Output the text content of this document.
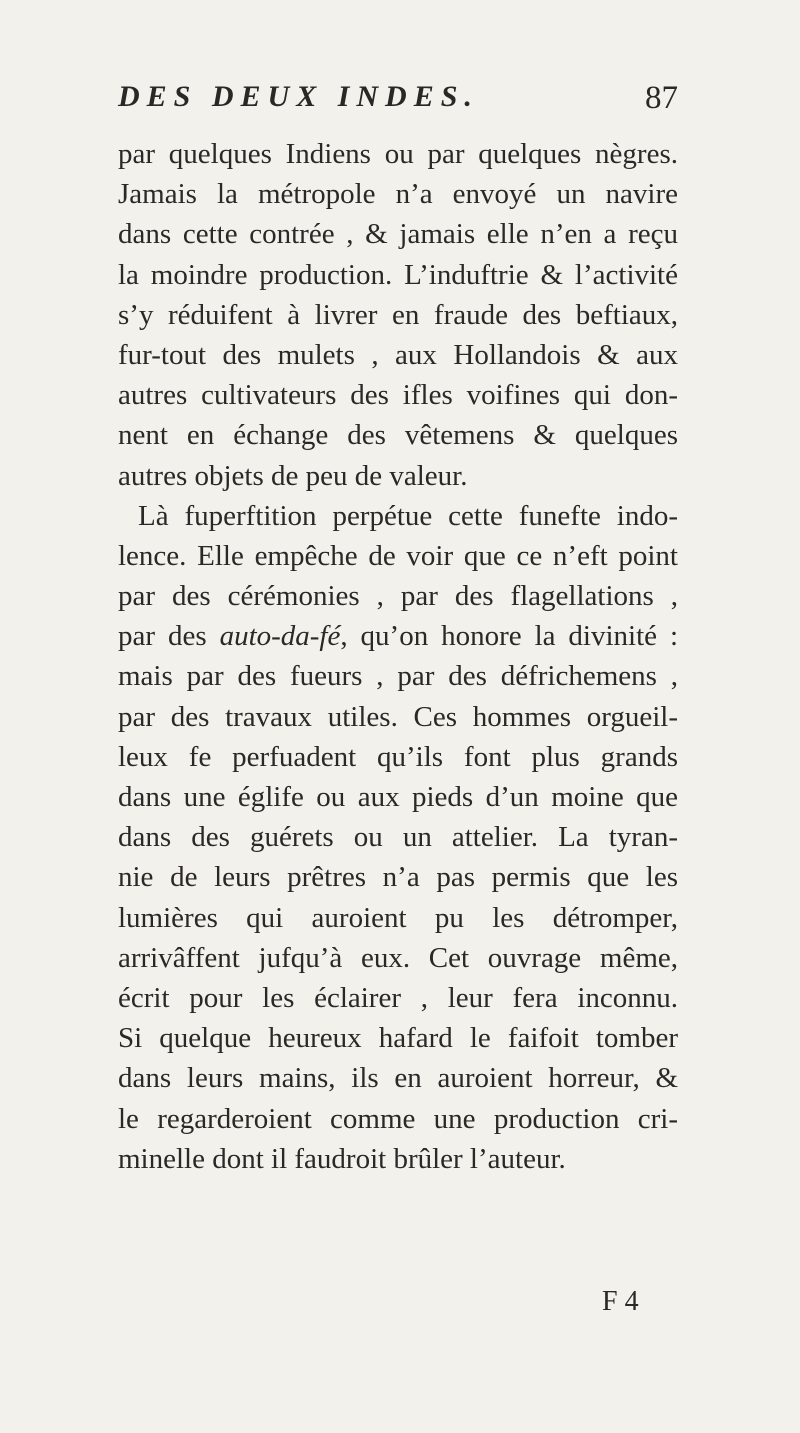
DES DEUX INDES.	87
par quelques Indiens ou par quelques nègres.
Jamais la métropole n’a envoyé un navire
dans cette contrée , & jamais elle n’en a reçu
la moindre production. L’induftrie & l’activité
s’y réduifent à livrer en fraude des beftiaux,
fur-tout des mulets , aux Hollandois & aux
autres cultivateurs des ifles voifines qui don-
nent en échange des vêtemens & quelques
autres objets de peu de valeur.
Là fuperftition perpétue cette funefte indo-
lence. Elle empêche de voir que ce n’eft point
par des cérémonies , par des flagellations ,
par des auto-da-fé, qu’on honore la divinité :
mais par des fueurs , par des défrichemens ,
par des travaux utiles. Ces hommes orgueil-
leux fe perfuadent qu’ils font plus grands
dans une églife ou aux pieds d’un moine que
dans des guérets ou un attelier. La tyran-
nie de leurs prêtres n’a pas permis que les
lumières qui auroient pu les détromper,
arrivâffent jufqu’à eux. Cet ouvrage même,
écrit pour les éclairer , leur fera inconnu.
Si quelque heureux hafard le faifoit tomber
dans leurs mains, ils en auroient horreur, &
le regarderoient comme une production cri-
minelle dont il faudroit brûler l’auteur.
F 4
